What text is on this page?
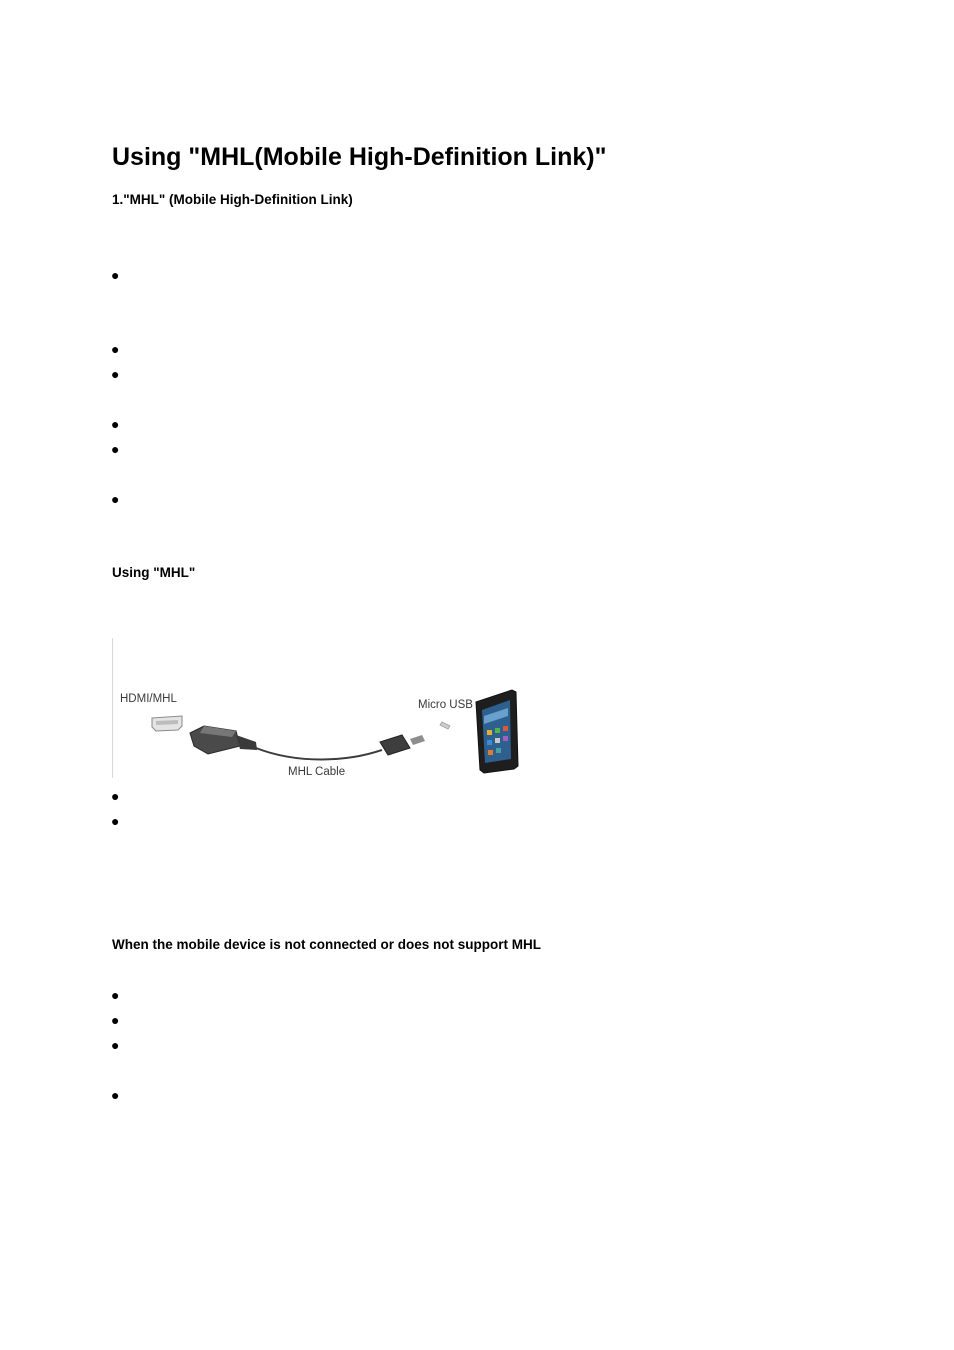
Using "MHL(Mobile High-Definition Link)"
1."MHL" (Mobile High-Definition Link)
●
●
●
●
●
●
Using "MHL"
HDMI/MHL	Micro USB
MHL Cable
●
●
When the mobile device is not connected or does not support MHL
●
●
●
●
